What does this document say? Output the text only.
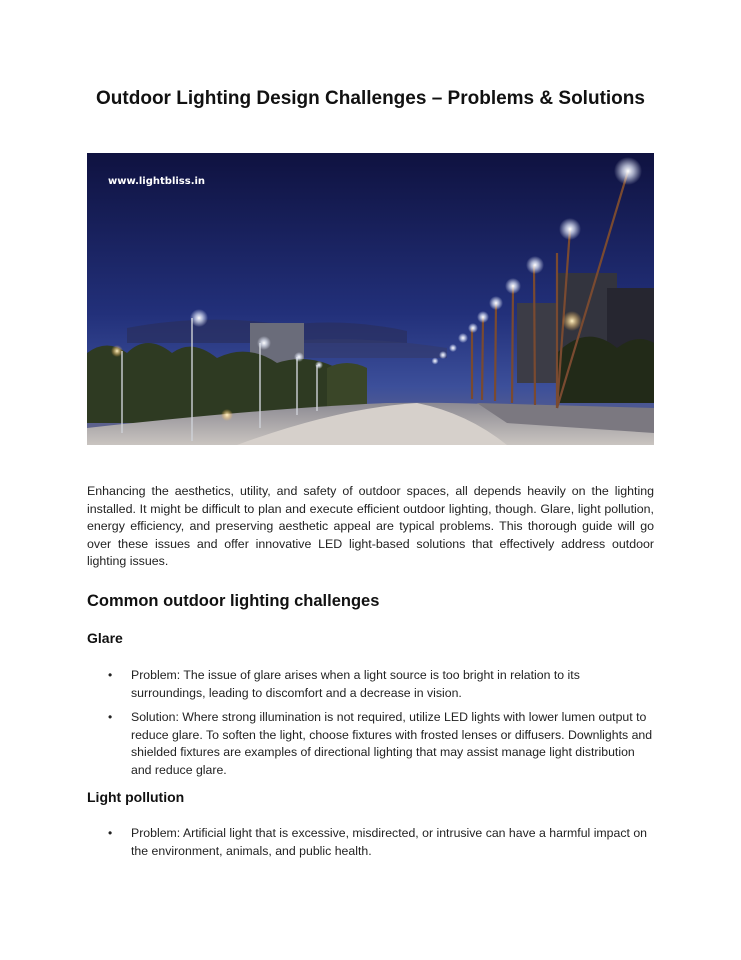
Outdoor Lighting Design Challenges – Problems & Solutions
www.lightbliss.in

Enhancing the aesthetics, utility, and safety of outdoor spaces, all depends heavily on the lighting installed. It might be difficult to plan and execute efficient outdoor lighting, though. Glare, light pollution, energy efficiency, and preserving aesthetic appeal are typical problems. This thorough guide will go over these issues and offer innovative LED light-based solutions that effectively address outdoor lighting issues.

Common outdoor lighting challenges
Glare
• Problem: The issue of glare arises when a light source is too bright in relation to its surroundings, leading to discomfort and a decrease in vision.
• Solution: Where strong illumination is not required, utilize LED lights with lower lumen output to reduce glare. To soften the light, choose fixtures with frosted lenses or diffusers. Downlights and shielded fixtures are examples of directional lighting that may assist manage light distribution and reduce glare.
Light pollution
• Problem: Artificial light that is excessive, misdirected, or intrusive can have a harmful impact on the environment, animals, and public health.
